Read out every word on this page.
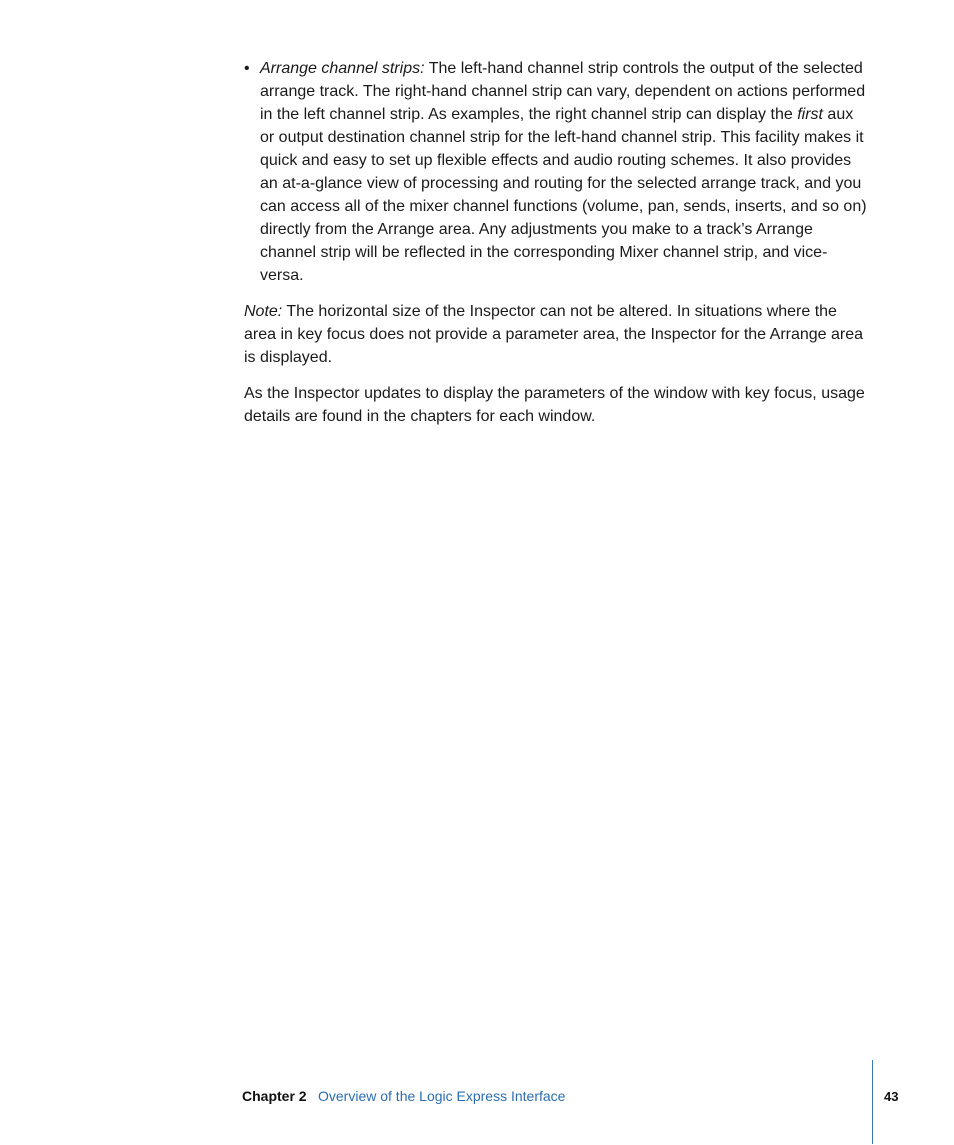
• Arrange channel strips: The left-hand channel strip controls the output of the selected arrange track. The right-hand channel strip can vary, dependent on actions performed in the left channel strip. As examples, the right channel strip can display the first aux or output destination channel strip for the left-hand channel strip. This facility makes it quick and easy to set up flexible effects and audio routing schemes. It also provides an at-a-glance view of processing and routing for the selected arrange track, and you can access all of the mixer channel functions (volume, pan, sends, inserts, and so on) directly from the Arrange area. Any adjustments you make to a track’s Arrange channel strip will be reflected in the corresponding Mixer channel strip, and vice-versa.

Note: The horizontal size of the Inspector can not be altered. In situations where the area in key focus does not provide a parameter area, the Inspector for the Arrange area is displayed.

As the Inspector updates to display the parameters of the window with key focus, usage details are found in the chapters for each window.

Chapter 2 Overview of the Logic Express Interface	43
